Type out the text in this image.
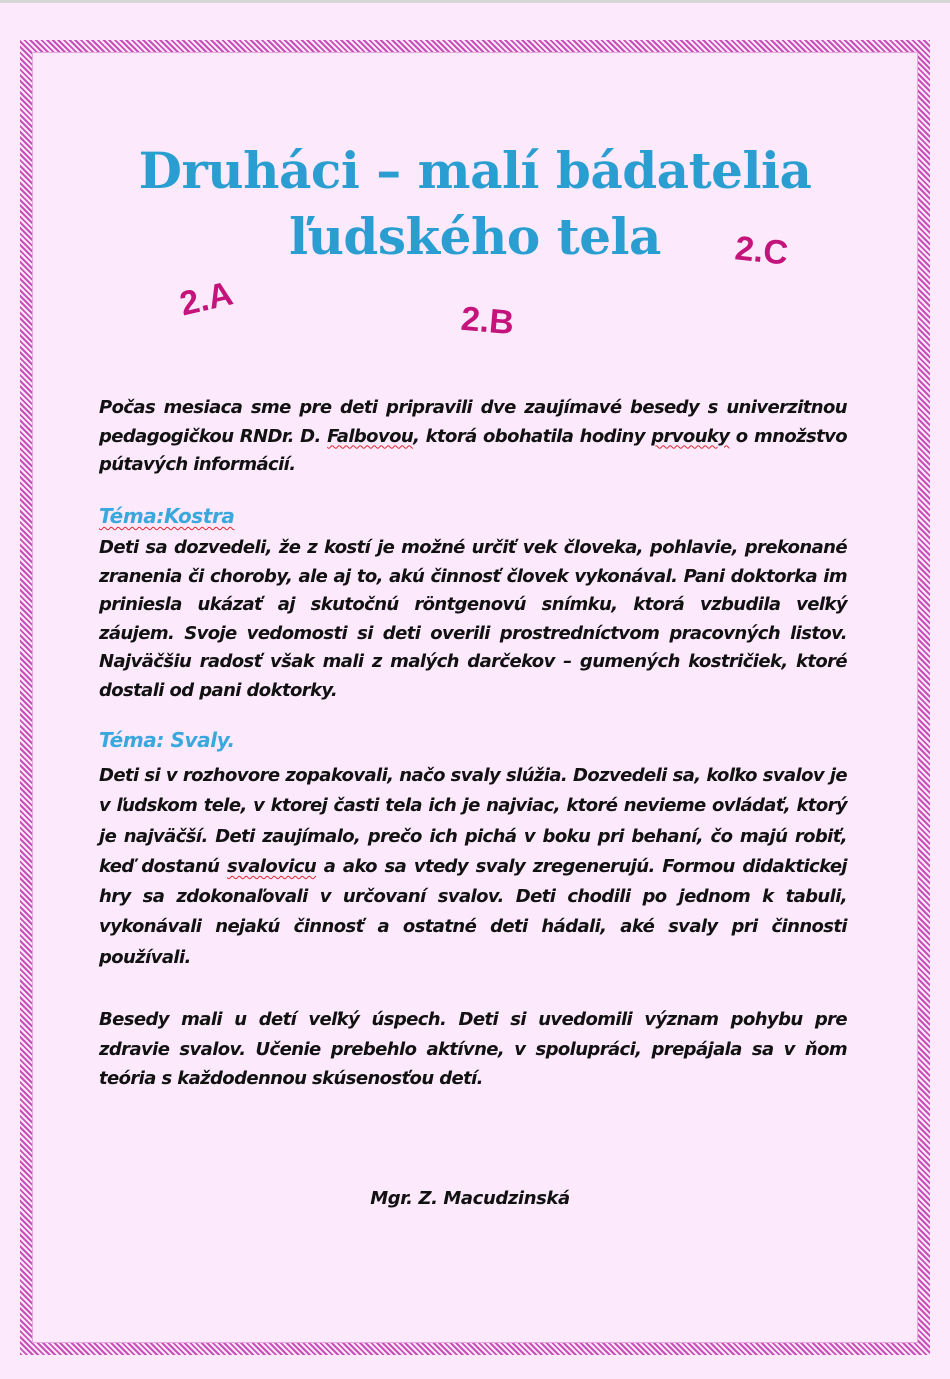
Druháci – malí bádatelia
ľudského tela
2.A	2.B
2.C

Počas mesiaca sme pre deti pripravili dve zaujímavé besedy s univerzitnou pedagogičkou RNDr. D. Falbovou, ktorá obohatila hodiny prvouky o množstvo pútavých informácií.

Téma:Kostra

Deti sa dozvedeli, že z kostí je možné určiť vek človeka, pohlavie, prekonané zranenia či choroby, ale aj to, akú činnosť človek vykonával. Pani doktorka im priniesla ukázať aj skutočnú röntgenovú snímku, ktorá vzbudila veľký záujem. Svoje vedomosti si deti overili prostredníctvom pracovných listov. Najväčšiu radosť však mali z malých darčekov – gumených kostričiek, ktoré dostali od pani doktorky.

Téma: Svaly.

Deti si v rozhovore zopakovali, načo svaly slúžia. Dozvedeli sa, koľko svalov je v ľudskom tele, v ktorej časti tela ich je najviac, ktoré nevieme ovládať, ktorý je najväčší. Deti zaujímalo, prečo ich pichá v boku pri behaní, čo majú robiť, keď dostanú svalovicu a ako sa vtedy svaly zregenerujú. Formou didaktickej hry sa zdokonaľovali v určovaní svalov. Deti chodili po jednom k tabuli, vykonávali nejakú činnosť a ostatné deti hádali, aké svaly pri činnosti používali.

Besedy mali u detí veľký úspech. Deti si uvedomili význam pohybu pre zdravie svalov. Učenie prebehlo aktívne, v spolupráci, prepájala sa v ňom teória s každodennou skúsenosťou detí.

Mgr. Z. Macudzinská
